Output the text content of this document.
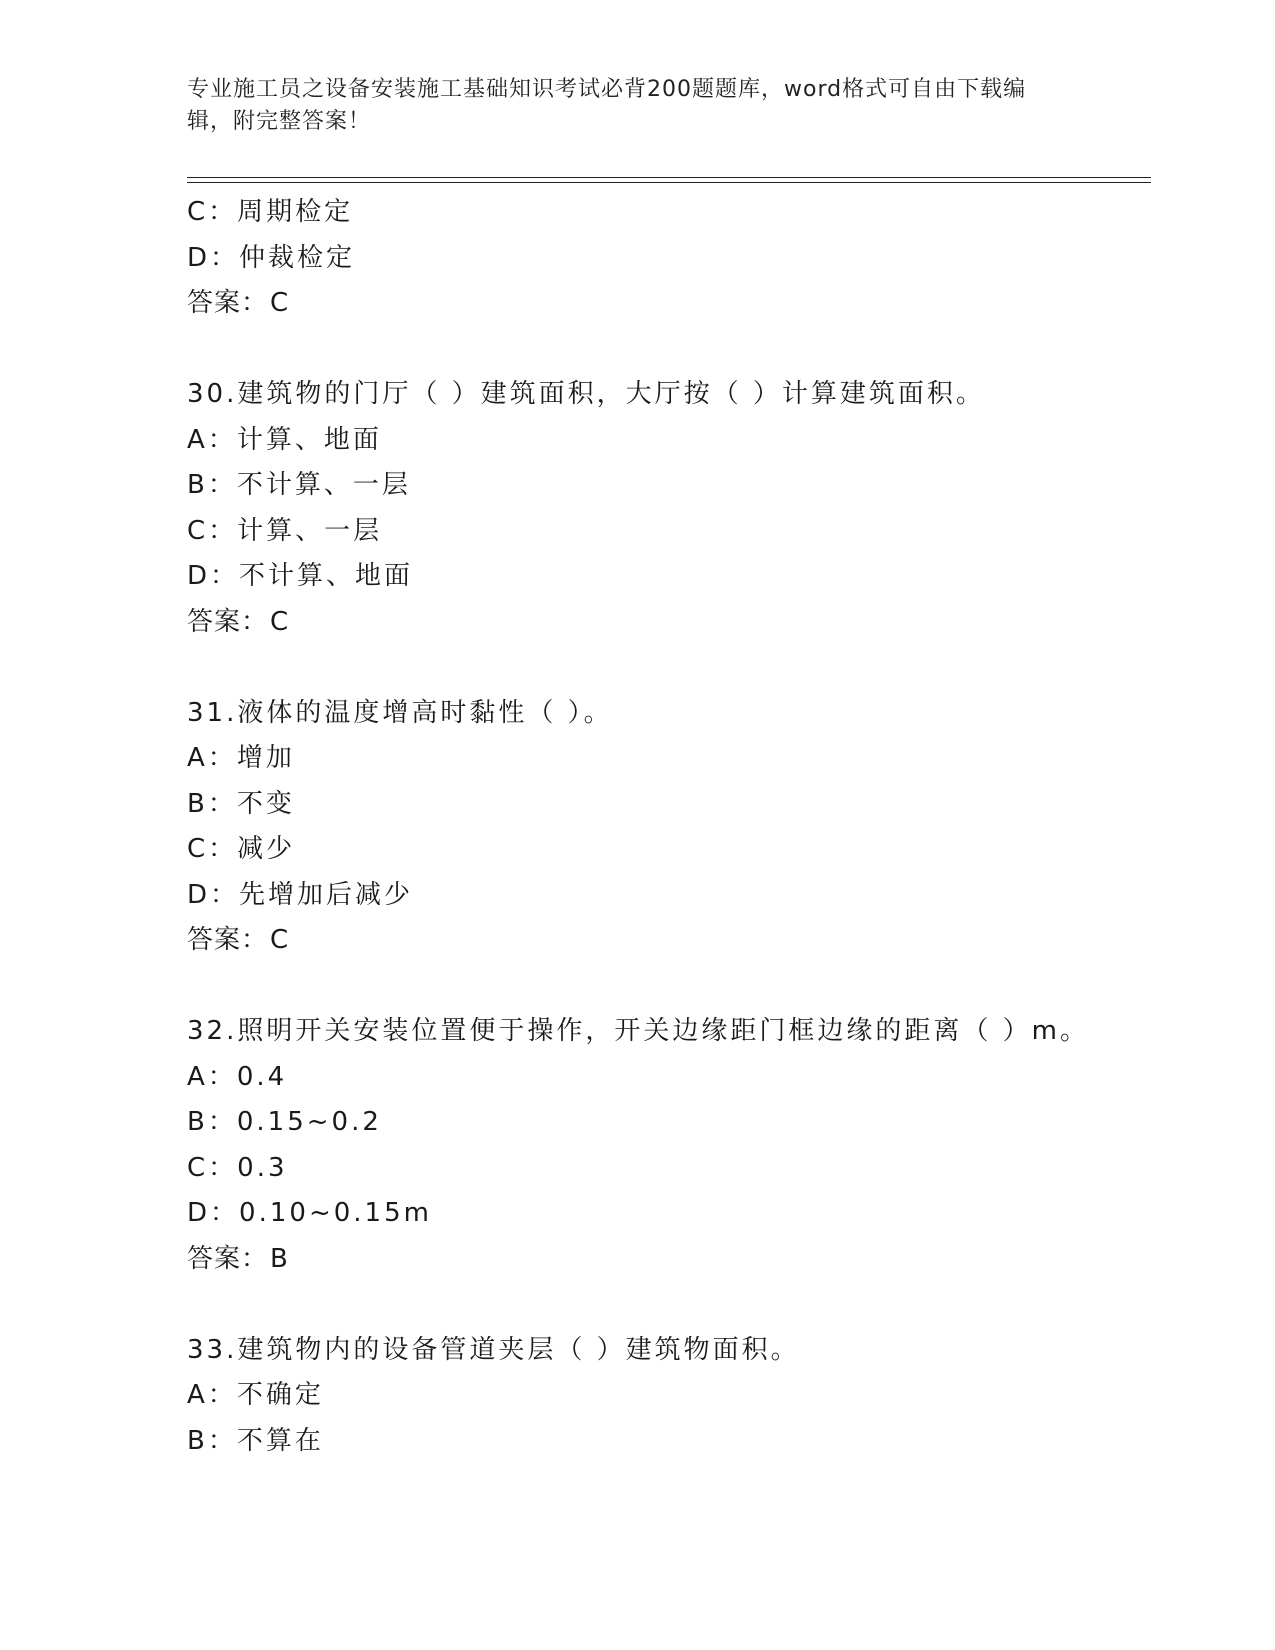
专业施工员之设备安装施工基础知识考试必背200题题库，word格式可自由下载编辑，附完整答案！
C：周期检定
D：仲裁检定
答案：C
30.建筑物的门厅（ ）建筑面积，大厅按（ ）计算建筑面积。
A：计算、地面
B：不计算、一层
C：计算、一层
D：不计算、地面
答案：C
31.液体的温度增高时黏性（ ）。
A：增加
B：不变
C：减少
D：先增加后减少
答案：C
32.照明开关安装位置便于操作，开关边缘距门框边缘的距离（ ）m。
A：0.4
B：0.15~0.2
C：0.3
D：0.10~0.15m
答案：B
33.建筑物内的设备管道夹层（ ）建筑物面积。
A：不确定
B：不算在
